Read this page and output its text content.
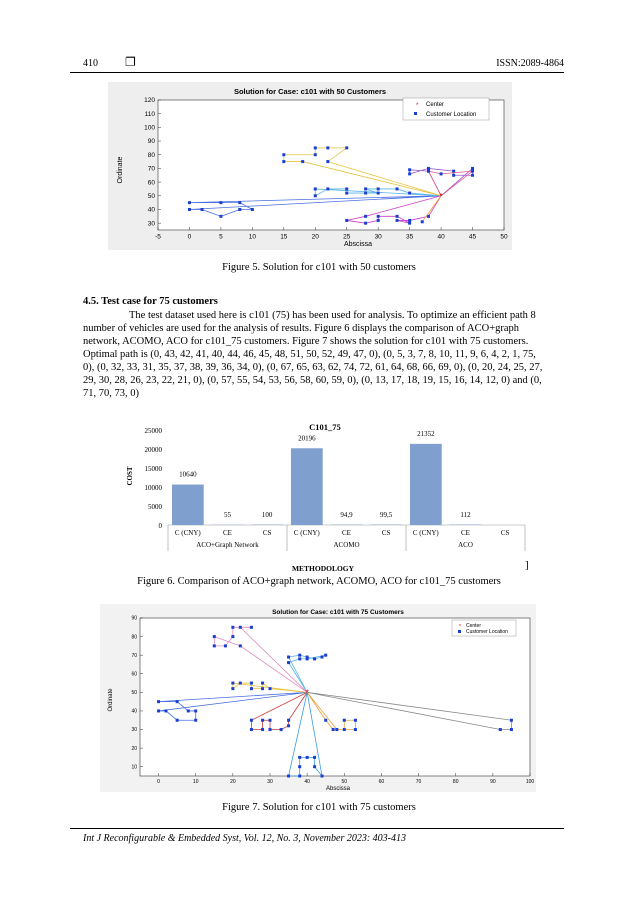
410 ❐	ISSN:2089-4864
Solution for Case: c101 with 50 Customers
-5	0	5	10	15	20	25	30	35	40	45	50
30
40
50
60
70
80
90
100
110
120
*
Abscissa
Ordinate
* Center
Customer Location
Figure 5. Solution for c101 with 50 customers
4.5. Test case for 75 customers
The test dataset used here is c101 (75) has been used for analysis. To optimize an efficient path 8
number of vehicles are used for the analysis of results. Figure 6 displays the comparison of ACO+graph
network, ACOMO, ACO for c101_75 customers. Figure 7 shows the solution for c101 with 75 customers.
Optimal path is (0, 43, 42, 41, 40, 44, 46, 45, 48, 51, 50, 52, 49, 47, 0), (0, 5, 3, 7, 8, 10, 11, 9, 6, 4, 2, 1, 75,
0), (0, 32, 33, 31, 35, 37, 38, 39, 36, 34, 0), (0, 67, 65, 63, 62, 74, 72, 61, 64, 68, 66, 69, 0), (0, 20, 24, 25, 27,
29, 30, 28, 26, 23, 22, 21, 0), (0, 57, 55, 54, 53, 56, 58, 60, 59, 0), (0, 13, 17, 18, 19, 15, 16, 14, 12, 0) and (0,
71, 70, 73, 0)
C101_75
COST
0
5000
10000
15000
20000
25000
10640
C (CNY)
55
CE
100
CS
ACO+Graph Network
20196
C (CNY)
94,9
CE
99,5
CS
ACOMO
21352
C (CNY)
112
CE	CS
ACO
METHODOLOGY	]
Figure 6. Comparison of ACO+graph network, ACOMO, ACO for c101_75 customers
Solution for Case: c101 with 75 Customers
0	10	20	30	40	50	60	70	80	90	100
10
20
30
40
50
60
70
80
90
*
Abscissa
Ordinate
* Center
Customer Location
Figure 7. Solution for c101 with 75 customers
Int J Reconfigurable & Embedded Syst, Vol. 12, No. 3, November 2023: 403-413
